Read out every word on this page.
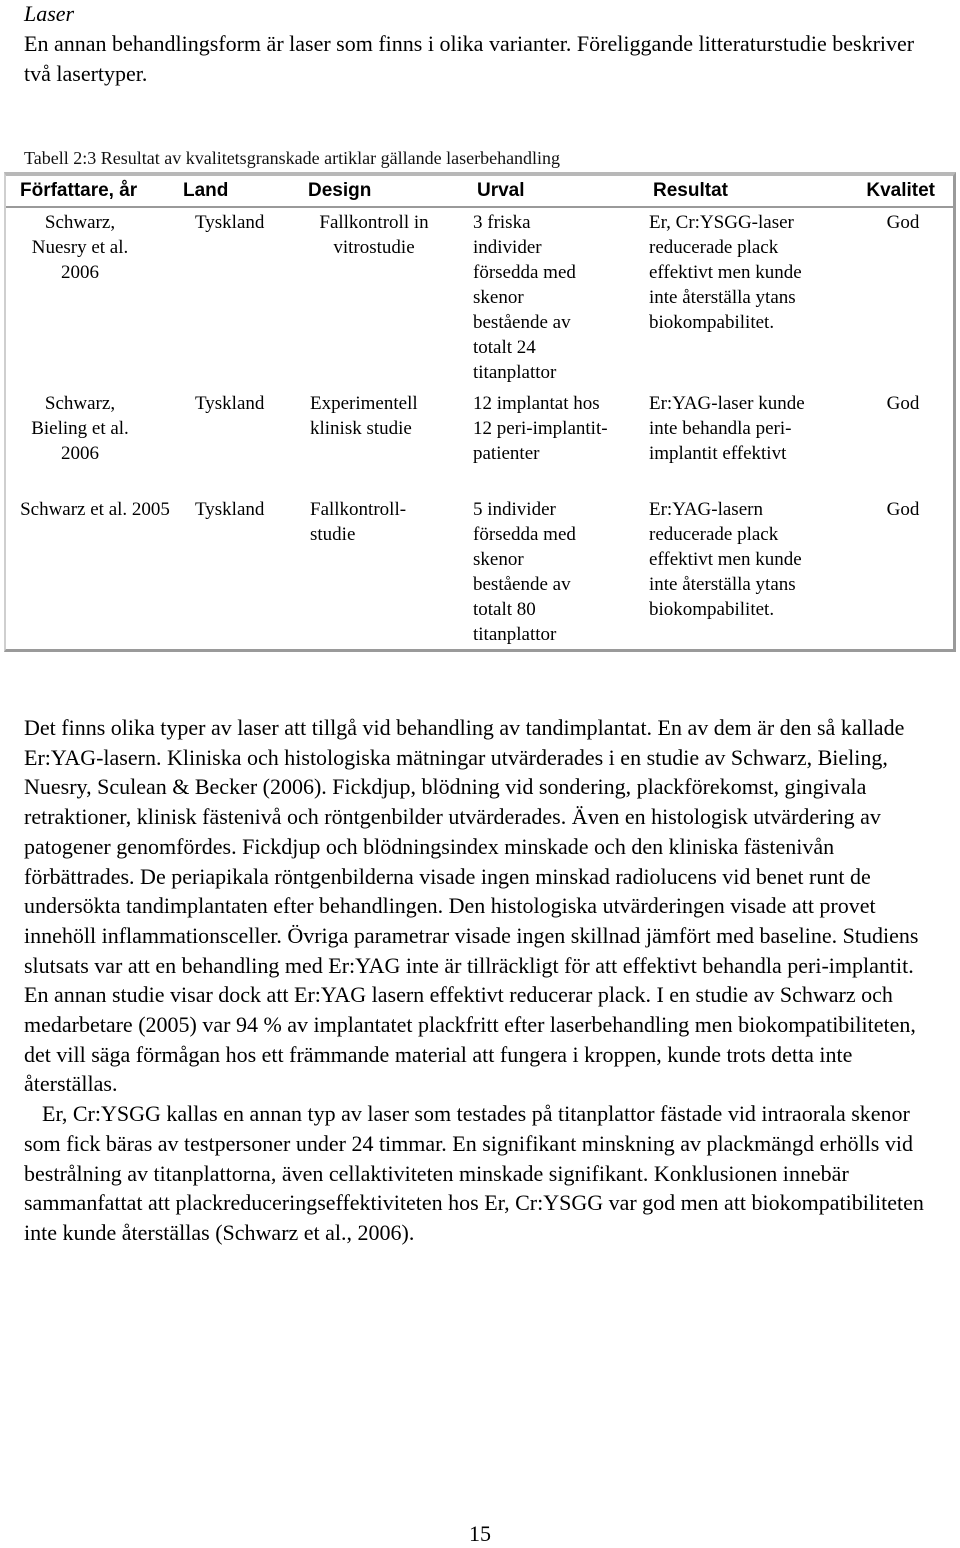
Laser

En annan behandlingsform är laser som finns i olika varianter. Föreliggande litteraturstudie beskriver två lasertyper.

Tabell 2:3 Resultat av kvalitetsgranskade artiklar gällande laserbehandling
Författare, år	Land	Design	Urval	Resultat	Kvalitet

Schwarz, Nuesry et al. 2006	Tyskland	Fallkontroll in vitrostudie	3 friska individer försedda med skenor bestående av totalt 24 titanplattor	Er, Cr:YSGG-laser reducerade plack effektivt men kunde inte återställa ytans biokompabilitet.	God

Schwarz, Bieling et al. 2006	Tyskland	Experimentell klinisk studie	12 implantat hos 12 peri-implantit-patienter	Er:YAG-laser kunde inte behandla peri-implantit effektivt	God

Schwarz et al. 2005	Tyskland	Fallkontroll-studie	5 individer försedda med skenor bestående av totalt 80 titanplattor	Er:YAG-lasern reducerade plack effektivt men kunde inte återställa ytans biokompabilitet.	God

Det finns olika typer av laser att tillgå vid behandling av tandimplantat. En av dem är den så kallade Er:YAG-lasern. Kliniska och histologiska mätningar utvärderades i en studie av Schwarz, Bieling, Nuesry, Sculean & Becker (2006). Fickdjup, blödning vid sondering, plackförekomst, gingivala retraktioner, klinisk fästenivå och röntgenbilder utvärderades. Även en histologisk utvärdering av patogener genomfördes. Fickdjup och blödningsindex minskade och den kliniska fästenivån förbättrades. De periapikala röntgenbilderna visade ingen minskad radiolucens vid benet runt de undersökta tandimplantaten efter behandlingen. Den histologiska utvärderingen visade att provet innehöll inflammationsceller. Övriga parametrar visade ingen skillnad jämfört med baseline. Studiens slutsats var att en behandling med Er:YAG inte är tillräckligt för att effektivt behandla peri-implantit. En annan studie visar dock att Er:YAG lasern effektivt reducerar plack. I en studie av Schwarz och medarbetare (2005) var 94 % av implantatet plackfritt efter laserbehandling men biokompatibiliteten, det vill säga förmågan hos ett främmande material att fungera i kroppen, kunde trots detta inte återställas.

Er, Cr:YSGG kallas en annan typ av laser som testades på titanplattor fästade vid intraorala skenor som fick bäras av testpersoner under 24 timmar. En signifikant minskning av plackmängd erhölls vid bestrålning av titanplattorna, även cellaktiviteten minskade signifikant. Konklusionen innebär sammanfattat att plackreduceringseffektiviteten hos Er, Cr:YSGG var god men att biokompatibiliteten inte kunde återställas (Schwarz et al., 2006).

15
